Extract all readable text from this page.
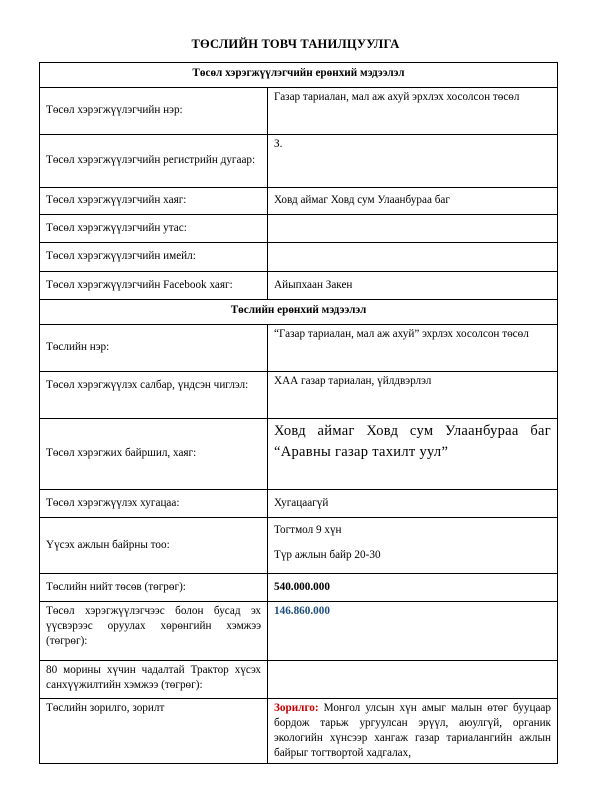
ТӨСЛИЙН ТОВЧ ТАНИЛЦУУЛГА
Төсөл хэрэгжүүлэгчийн ерөнхий мэдээлэл	
Төсөл хэрэгжүүлэгчийн нэр:	Газар тариалан, мал аж ахуй эрхлэх хосолсон төсөл
Төсөл хэрэгжүүлэгчийн регистрийн дугаар:	З.
Төсөл хэрэгжүүлэгчийн хаяг:	Ховд аймаг Ховд сум Улаанбураа баг
Төсөл хэрэгжүүлэгчийн утас:	
Төсөл хэрэгжүүлэгчийн имейл:	
Төсөл хэрэгжүүлэгчийн Facebook хаяг:	Айыпхаан Закен
Төслийн ерөнхий мэдээлэл	
Төслийн нэр:	“Газар тариалан, мал аж ахуй” эхрлэх хосолсон төсөл
Төсөл хэрэгжүүлэх салбар, үндсэн чиглэл:	ХАА газар тариалан, үйлдвэрлэл
Төсөл хэрэгжих байршил, хаяг:	Ховд аймаг Ховд сум Улаанбураа баг “Аравны газар тахилт уул”
Төсөл хэрэгжүүлэх хугацаа:	Хугацаагүй
Үүсэх ажлын байрны тоо:	Тогтмол 9 хүн

Түр ажлын байр 20-30

Төслийн нийт төсөв (төгрөг):	540.000.000
Төсөл хэрэгжүүлэгчээс болон бусад эх үүсвэрээс оруулах хөрөнгийн хэмжээ (төгрөг):	146.860.000
80 морины хүчин чадалтай Трактор хүсэх санхүүжилтийн хэмжээ (төгрөг):	
Төслийн зорилго, зорилт	Зорилго: Монгол улсын хүн амыг малын өтөг бууцаар бордож тарьж ургуулсан эрүүл, аюулгүй, органик экологийн хүнсээр хангаж газар тариалангийн ажлын байрыг тогтвортой хадгалах,
